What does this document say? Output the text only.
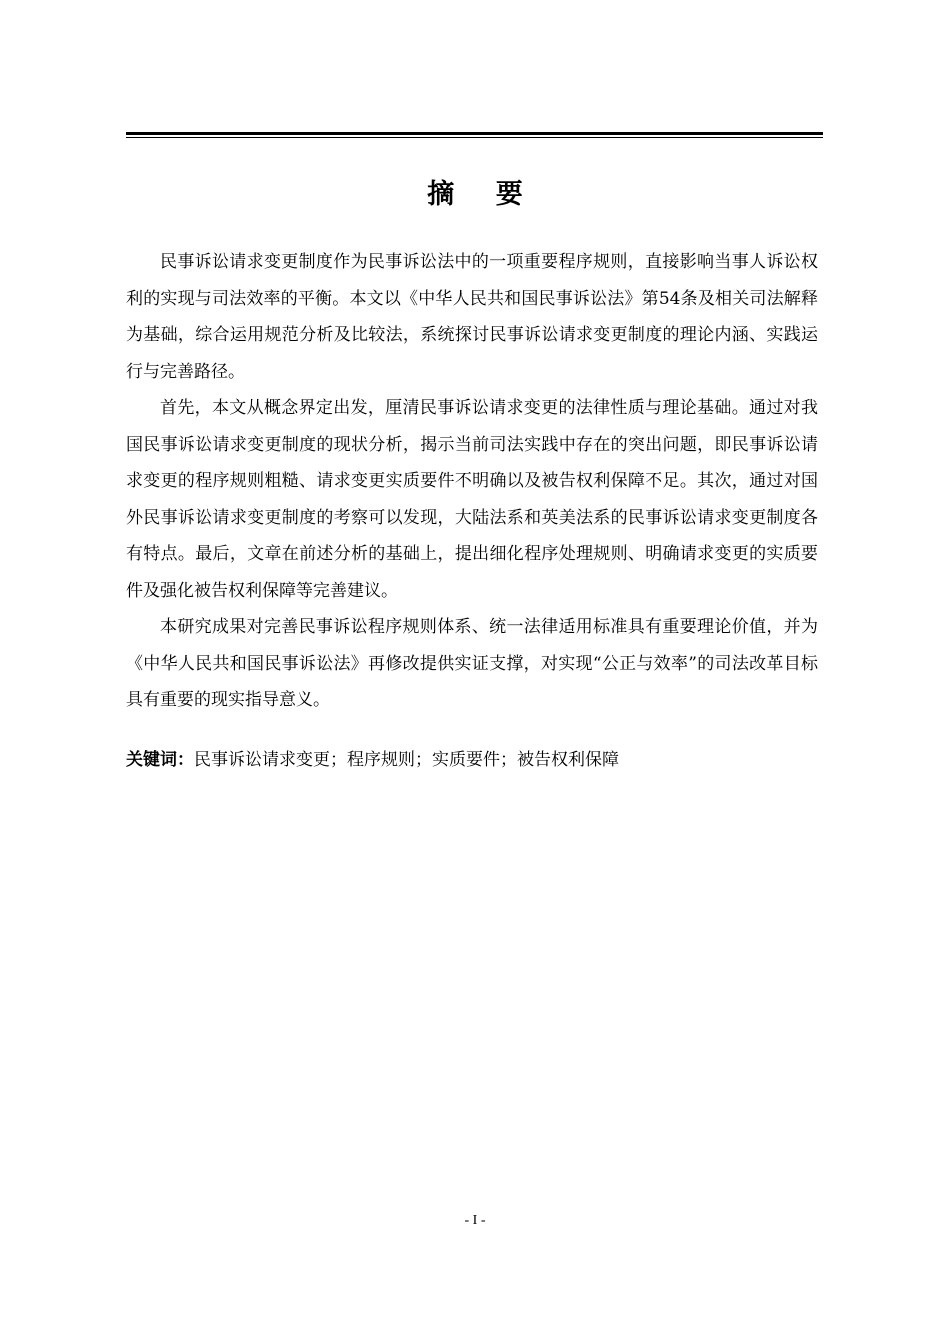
摘 要

民事诉讼请求变更制度作为民事诉讼法中的一项重要程序规则，直接影响当事人诉讼权利的实现与司法效率的平衡。本文以《中华人民共和国民事诉讼法》第54条及相关司法解释为基础，综合运用规范分析及比较法，系统探讨民事诉讼请求变更制度的理论内涵、实践运行与完善路径。

首先，本文从概念界定出发，厘清民事诉讼请求变更的法律性质与理论基础。通过对我国民事诉讼请求变更制度的现状分析，揭示当前司法实践中存在的突出问题，即民事诉讼请求变更的程序规则粗糙、请求变更实质要件不明确以及被告权利保障不足。其次，通过对国外民事诉讼请求变更制度的考察可以发现，大陆法系和英美法系的民事诉讼请求变更制度各有特点。最后，文章在前述分析的基础上，提出细化程序处理规则、明确请求变更的实质要件及强化被告权利保障等完善建议。

本研究成果对完善民事诉讼程序规则体系、统一法律适用标准具有重要理论价值，并为《中华人民共和国民事诉讼法》再修改提供实证支撑，对实现“公正与效率”的司法改革目标具有重要的现实指导意义。

关键词：民事诉讼请求变更；程序规则；实质要件；被告权利保障
- I -
